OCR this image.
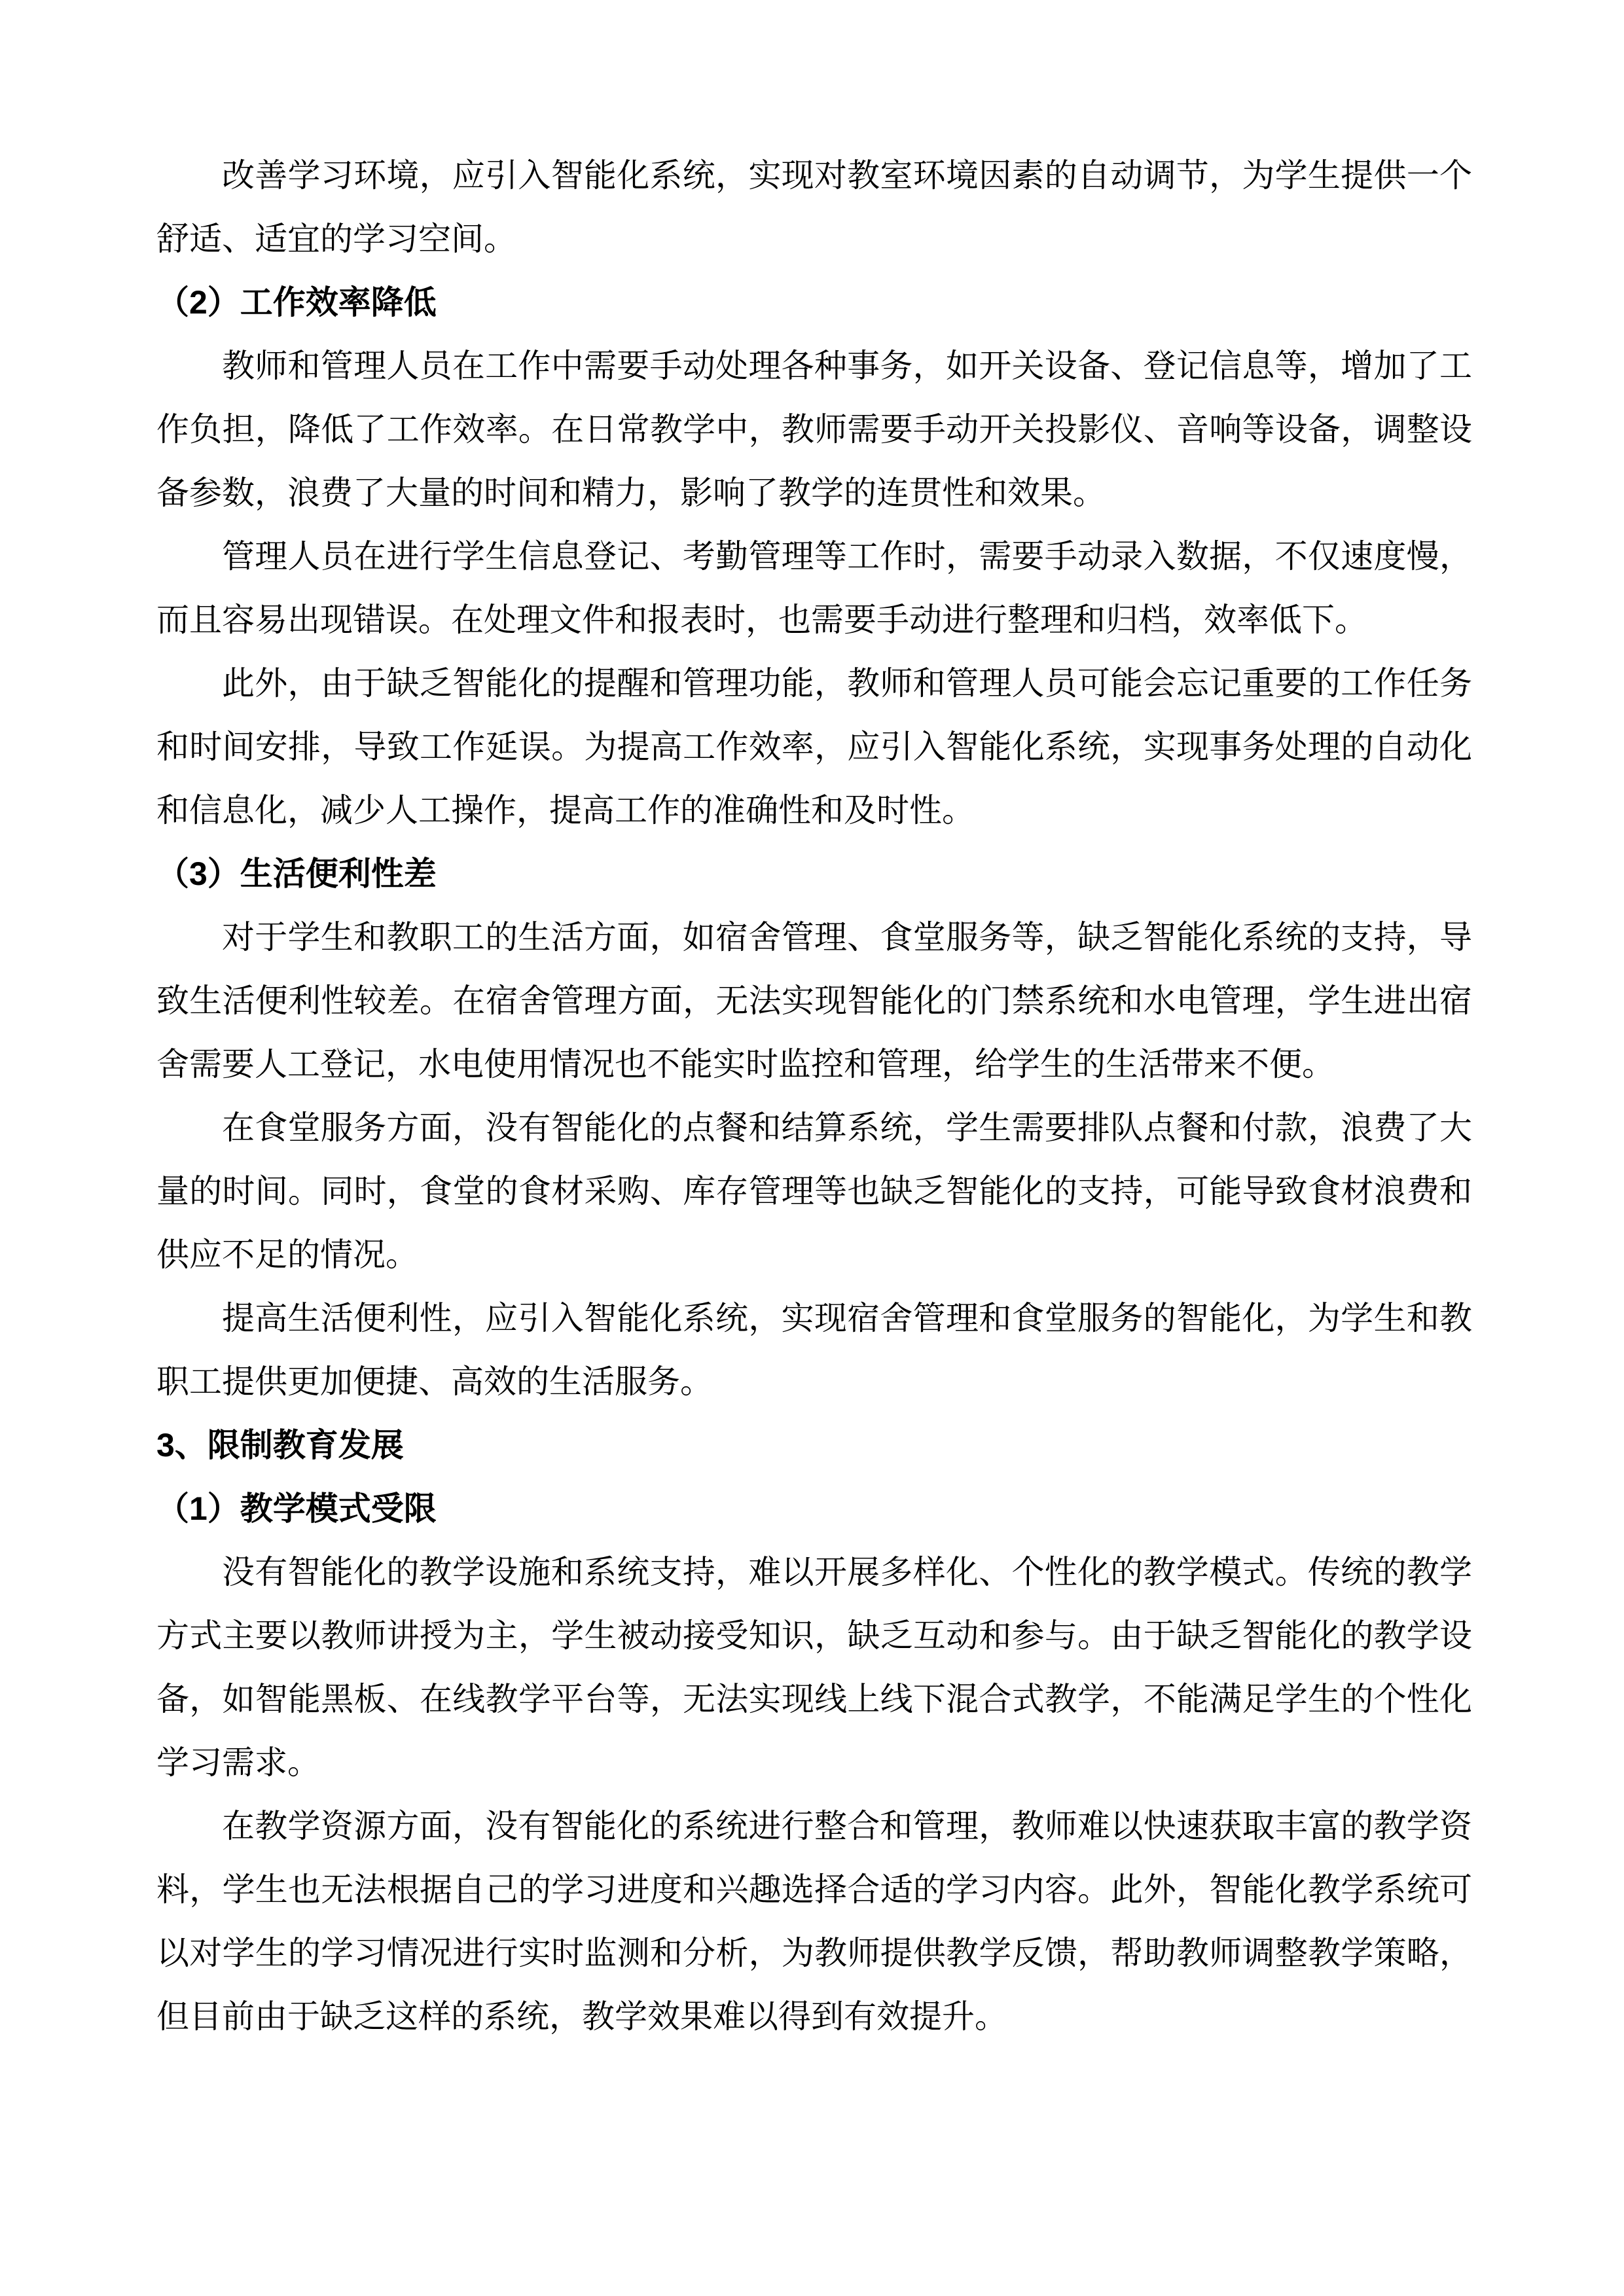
改善学习环境，应引入智能化系统，实现对教室环境因素的自动调节，为学生提供一个舒适、适宜的学习空间。

（2）工作效率降低

教师和管理人员在工作中需要手动处理各种事务，如开关设备、登记信息等，增加了工作负担，降低了工作效率。在日常教学中，教师需要手动开关投影仪、音响等设备，调整设备参数，浪费了大量的时间和精力，影响了教学的连贯性和效果。

管理人员在进行学生信息登记、考勤管理等工作时，需要手动录入数据，不仅速度慢，而且容易出现错误。在处理文件和报表时，也需要手动进行整理和归档，效率低下。

此外，由于缺乏智能化的提醒和管理功能，教师和管理人员可能会忘记重要的工作任务和时间安排，导致工作延误。为提高工作效率，应引入智能化系统，实现事务处理的自动化和信息化，减少人工操作，提高工作的准确性和及时性。

（3）生活便利性差

对于学生和教职工的生活方面，如宿舍管理、食堂服务等，缺乏智能化系统的支持，导致生活便利性较差。在宿舍管理方面，无法实现智能化的门禁系统和水电管理，学生进出宿舍需要人工登记，水电使用情况也不能实时监控和管理，给学生的生活带来不便。

在食堂服务方面，没有智能化的点餐和结算系统，学生需要排队点餐和付款，浪费了大量的时间。同时，食堂的食材采购、库存管理等也缺乏智能化的支持，可能导致食材浪费和供应不足的情况。

提高生活便利性，应引入智能化系统，实现宿舍管理和食堂服务的智能化，为学生和教职工提供更加便捷、高效的生活服务。

3、限制教育发展

（1）教学模式受限

没有智能化的教学设施和系统支持，难以开展多样化、个性化的教学模式。传统的教学方式主要以教师讲授为主，学生被动接受知识，缺乏互动和参与。由于缺乏智能化的教学设备，如智能黑板、在线教学平台等，无法实现线上线下混合式教学，不能满足学生的个性化学习需求。

在教学资源方面，没有智能化的系统进行整合和管理，教师难以快速获取丰富的教学资料，学生也无法根据自己的学习进度和兴趣选择合适的学习内容。此外，智能化教学系统可以对学生的学习情况进行实时监测和分析，为教师提供教学反馈，帮助教师调整教学策略，但目前由于缺乏这样的系统，教学效果难以得到有效提升。
